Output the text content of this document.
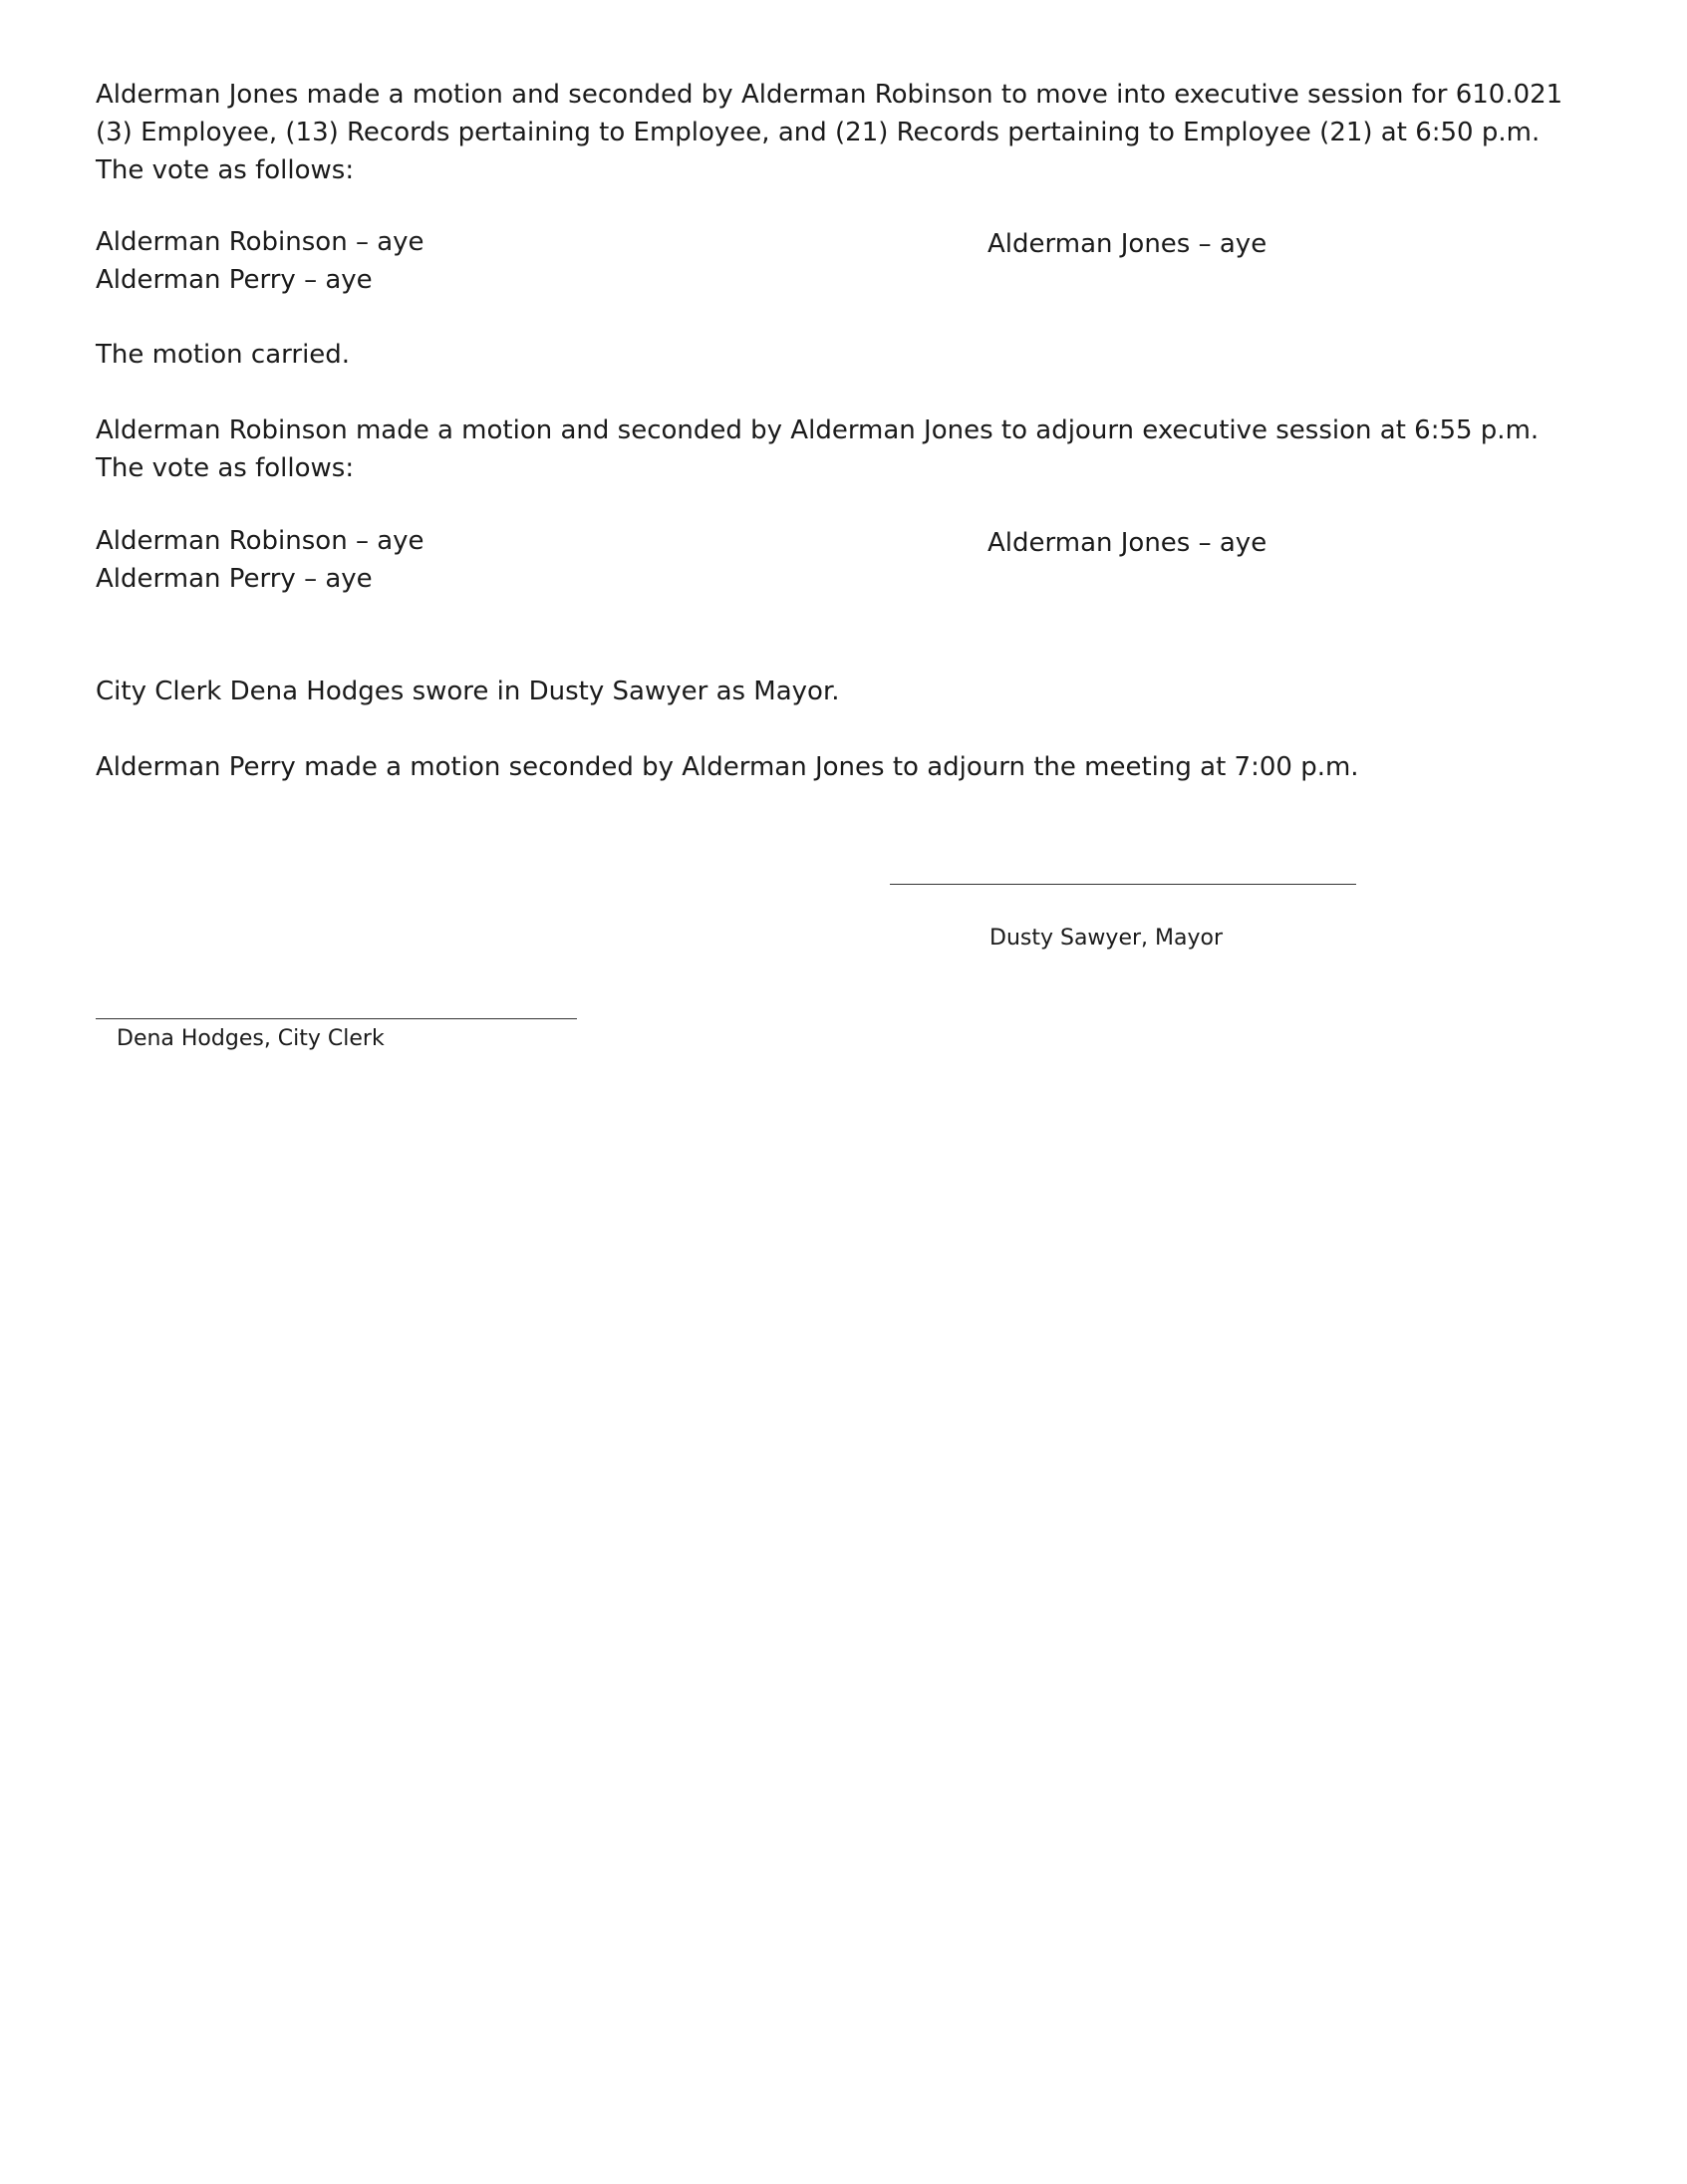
Alderman Jones made a motion and seconded by Alderman Robinson to move into executive session for 610.021 (3) Employee, (13) Records pertaining to Employee, and (21) Records pertaining to Employee (21) at 6:50 p.m. The vote as follows:

Alderman Robinson – aye	Alderman Jones – aye

Alderman Perry – aye

The motion carried.

Alderman Robinson made a motion and seconded by Alderman Jones to adjourn executive session at 6:55 p.m. The vote as follows:

Alderman Robinson – aye	Alderman Jones – aye

Alderman Perry – aye

City Clerk Dena Hodges swore in Dusty Sawyer as Mayor.

Alderman Perry made a motion seconded by Alderman Jones to adjourn the meeting at 7:00 p.m.

Dusty Sawyer, Mayor

Dena Hodges, City Clerk
